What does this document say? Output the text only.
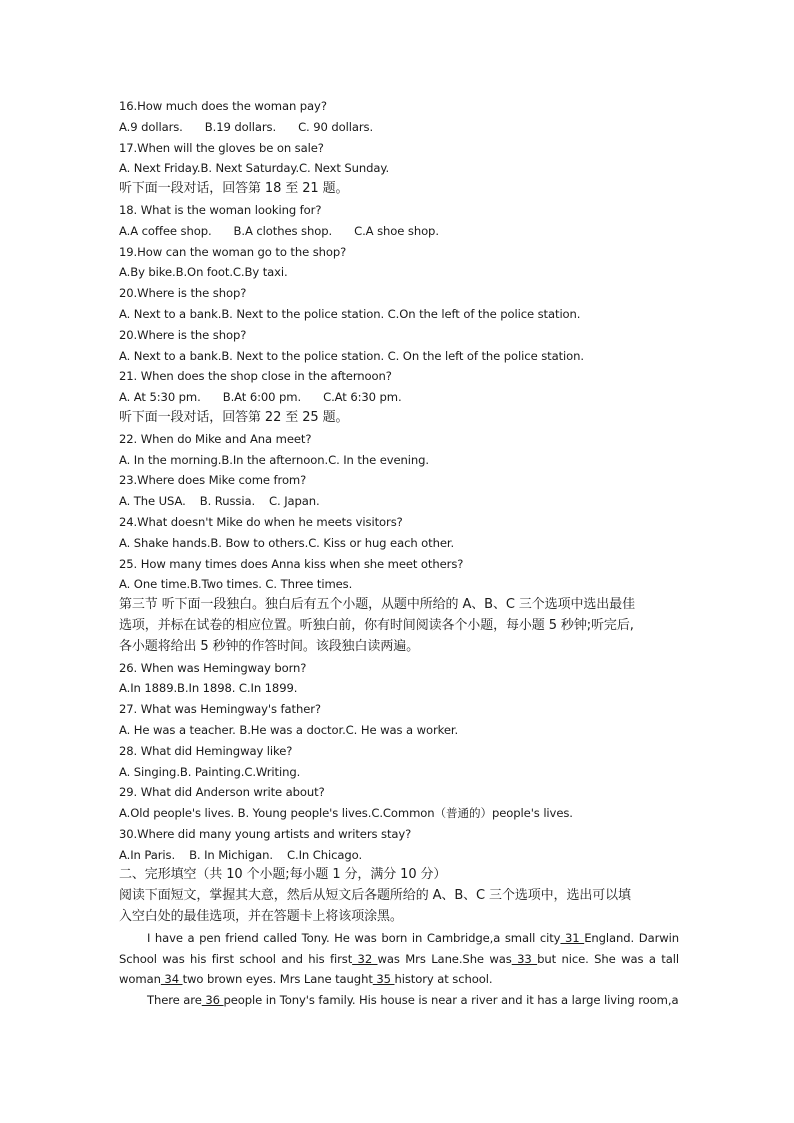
16.How much does the woman pay?
A.9 dollars. B.19 dollars. C. 90 dollars.
17.When will the gloves be on sale?
A. Next Friday.B. Next Saturday.C. Next Sunday.
听下面一段对话，回答第 18 至 21 题。
18. What is the woman looking for?
A.A coffee shop. B.A clothes shop. C.A shoe shop.
19.How can the woman go to the shop?
A.By bike.B.On foot.C.By taxi.
20.Where is the shop?
A. Next to a bank.B. Next to the police station. C.On the left of the police station.
20.Where is the shop?
A. Next to a bank.B. Next to the police station. C. On the left of the police station.
21. When does the shop close in the afternoon?
A. At 5:30 pm. B.At 6:00 pm. C.At 6:30 pm.
听下面一段对话，回答第 22 至 25 题。
22. When do Mike and Ana meet?
A. In the morning.B.In the afternoon.C. In the evening.
23.Where does Mike come from?
A. The USA. B. Russia. C. Japan.
24.What doesn't Mike do when he meets visitors?
A. Shake hands.B. Bow to others.C. Kiss or hug each other.
25. How many times does Anna kiss when she meet others?
A. One time.B.Two times. C. Three times.
第三节 听下面一段独白。独白后有五个小题，从题中所给的 A、B、C 三个选项中选出最佳
选项，并标在试卷的相应位置。听独白前，你有时间阅读各个小题，每小题 5 秒钟;听完后,
各小题将给出 5 秒钟的作答时间。该段独白读两遍。
26. When was Hemingway born?
A.In 1889.B.In 1898. C.In 1899.
27. What was Hemingway's father?
A. He was a teacher. B.He was a doctor.C. He was a worker.
28. What did Hemingway like?
A. Singing.B. Painting.C.Writing.
29. What did Anderson write about?
A.Old people's lives. B. Young people's lives.C.Common（普通的）people's lives.
30.Where did many young artists and writers stay?
A.In Paris. B. In Michigan. C.In Chicago.
二、完形填空（共 10 个小题;每小题 1 分，满分 10 分）
阅读下面短文，掌握其大意，然后从短文后各题所给的 A、B、C 三个选项中，选出可以填
入空白处的最佳选项，并在答题卡上将该项涂黑。
I have a pen friend called Tony. He was born in Cambridge,a small city 31 England. Darwin School was his first school and his first 32 was Mrs Lane.She was 33 but nice. She was a tall woman 34 two brown eyes. Mrs Lane taught 35 history at school.
There are 36 people in Tony's family. His house is near a river and it has a large living room,a
